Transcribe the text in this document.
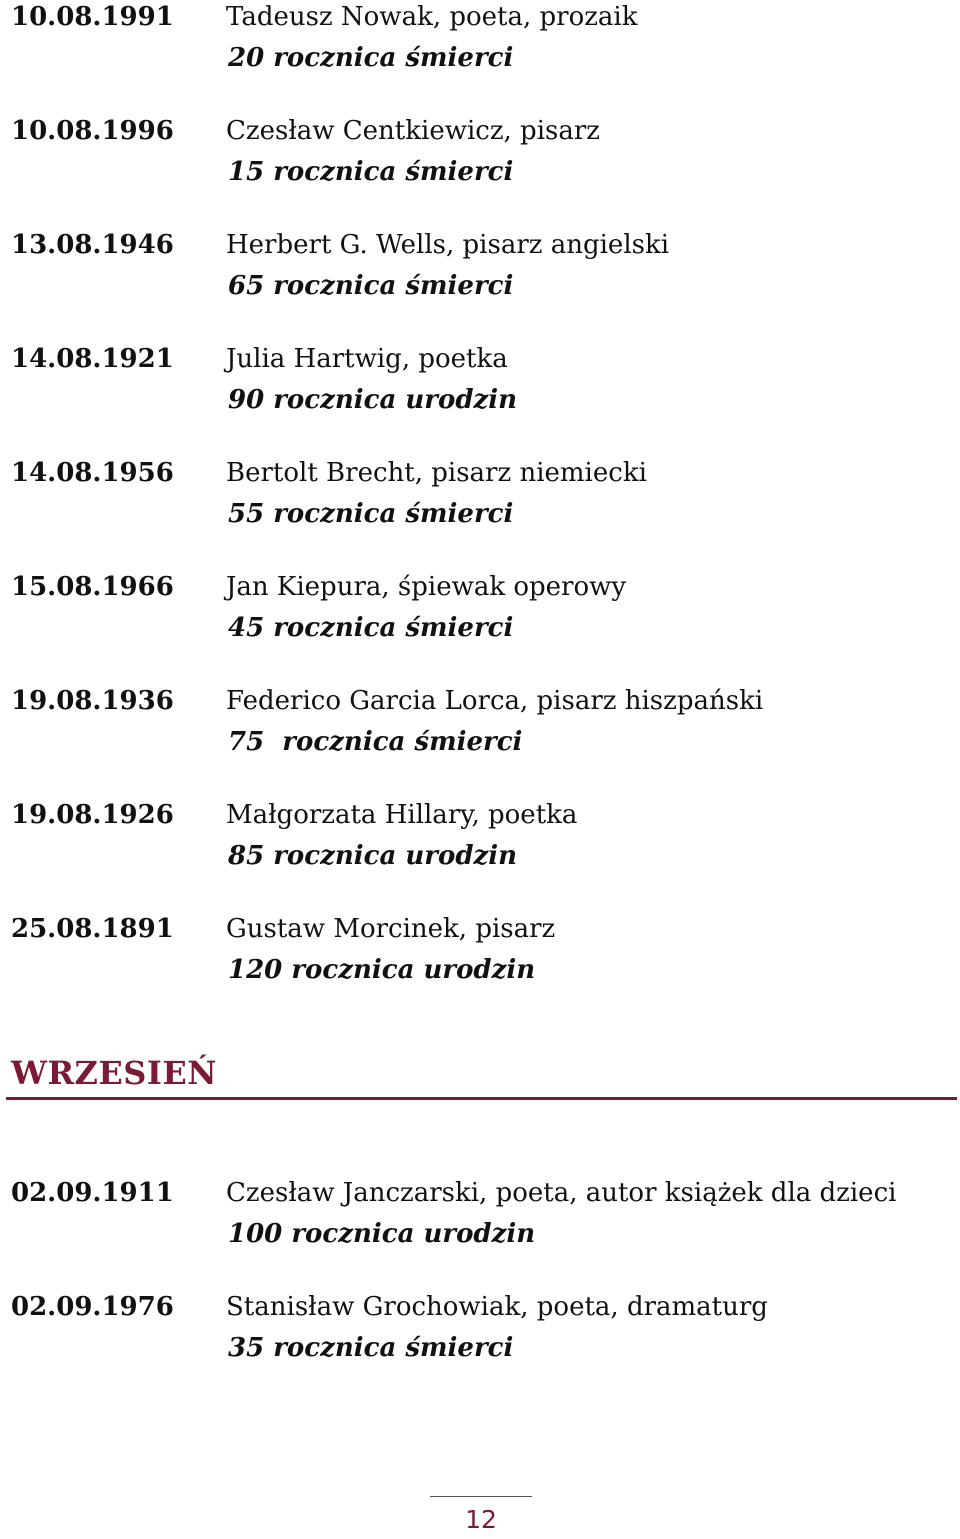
10.08.1991 Tadeusz Nowak, poeta, prozaik
20 rocznica śmierci
10.08.1996 Czesław Centkiewicz, pisarz
15 rocznica śmierci
13.08.1946 Herbert G. Wells, pisarz angielski
65 rocznica śmierci
14.08.1921 Julia Hartwig, poetka
90 rocznica urodzin
14.08.1956 Bertolt Brecht, pisarz niemiecki
55 rocznica śmierci
15.08.1966 Jan Kiepura, śpiewak operowy
45 rocznica śmierci
19.08.1936 Federico Garcia Lorca, pisarz hiszpański
75  rocznica śmierci
19.08.1926 Małgorzata Hillary, poetka
85 rocznica urodzin
25.08.1891 Gustaw Morcinek, pisarz
120 rocznica urodzin
WRZESIEŃ
02.09.1911 Czesław Janczarski, poeta, autor książek dla dzieci
100 rocznica urodzin
02.09.1976 Stanisław Grochowiak, poeta, dramaturg
35 rocznica śmierci
12
